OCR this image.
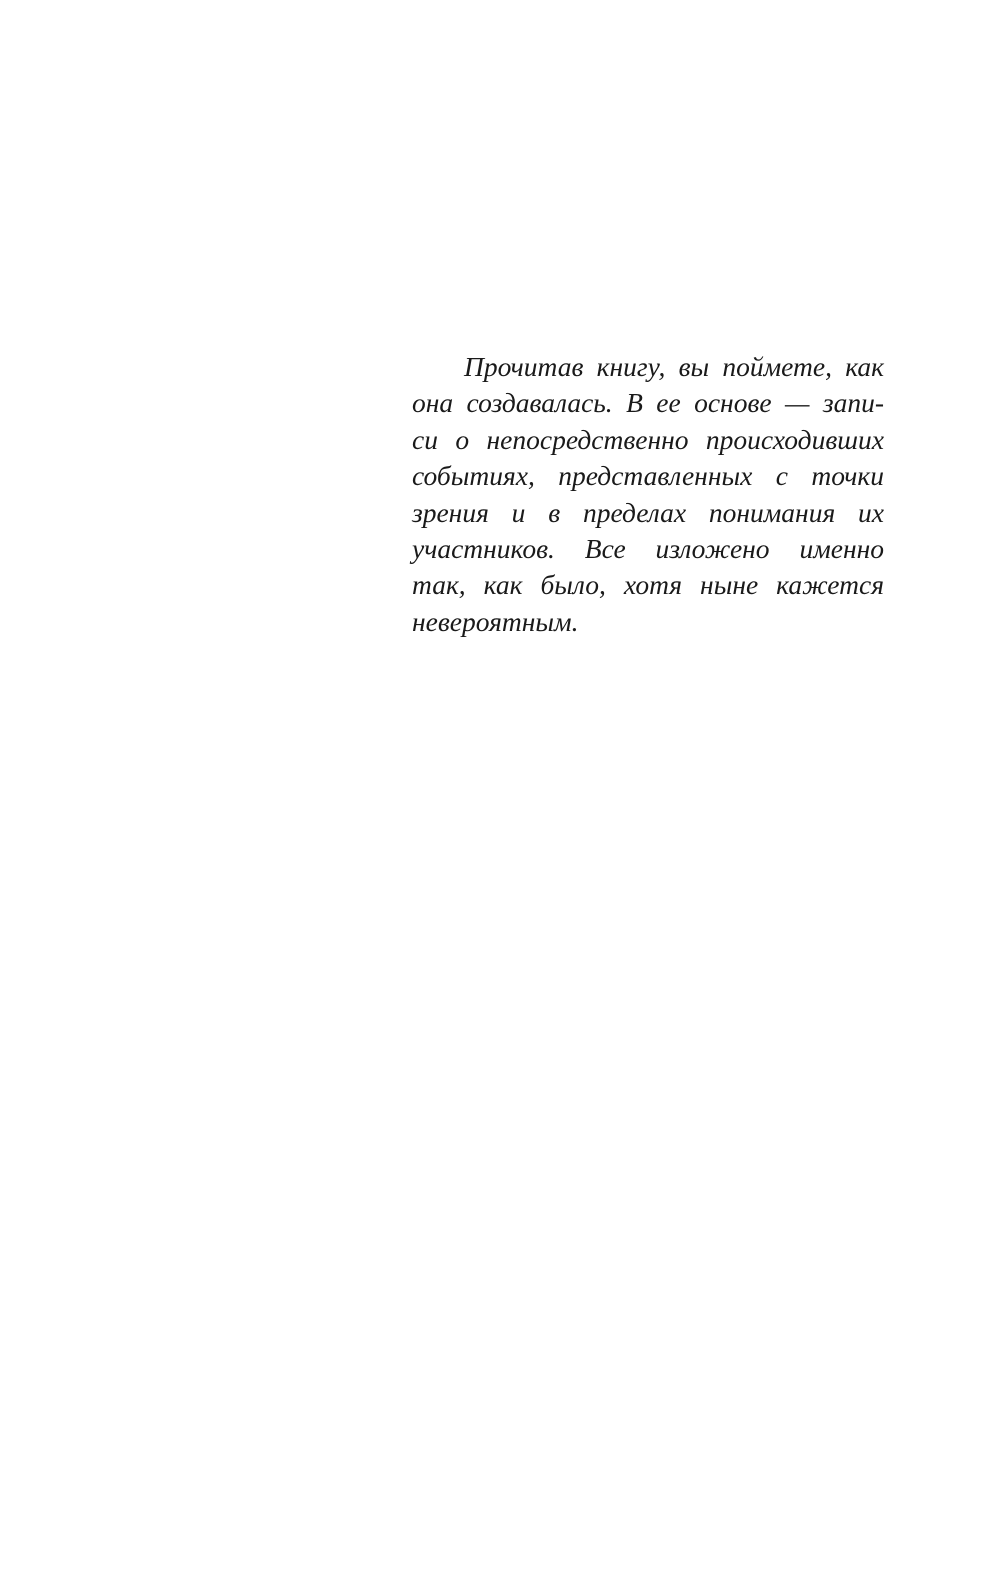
Прочитав книгу, вы поймете, как
она создавалась. В ее основе — запи-
си о непосредственно происходивших
событиях, представленных с точки
зрения и в пределах понимания их
участников. Все изложено именно
так, как было, хотя ныне кажется
невероятным.
